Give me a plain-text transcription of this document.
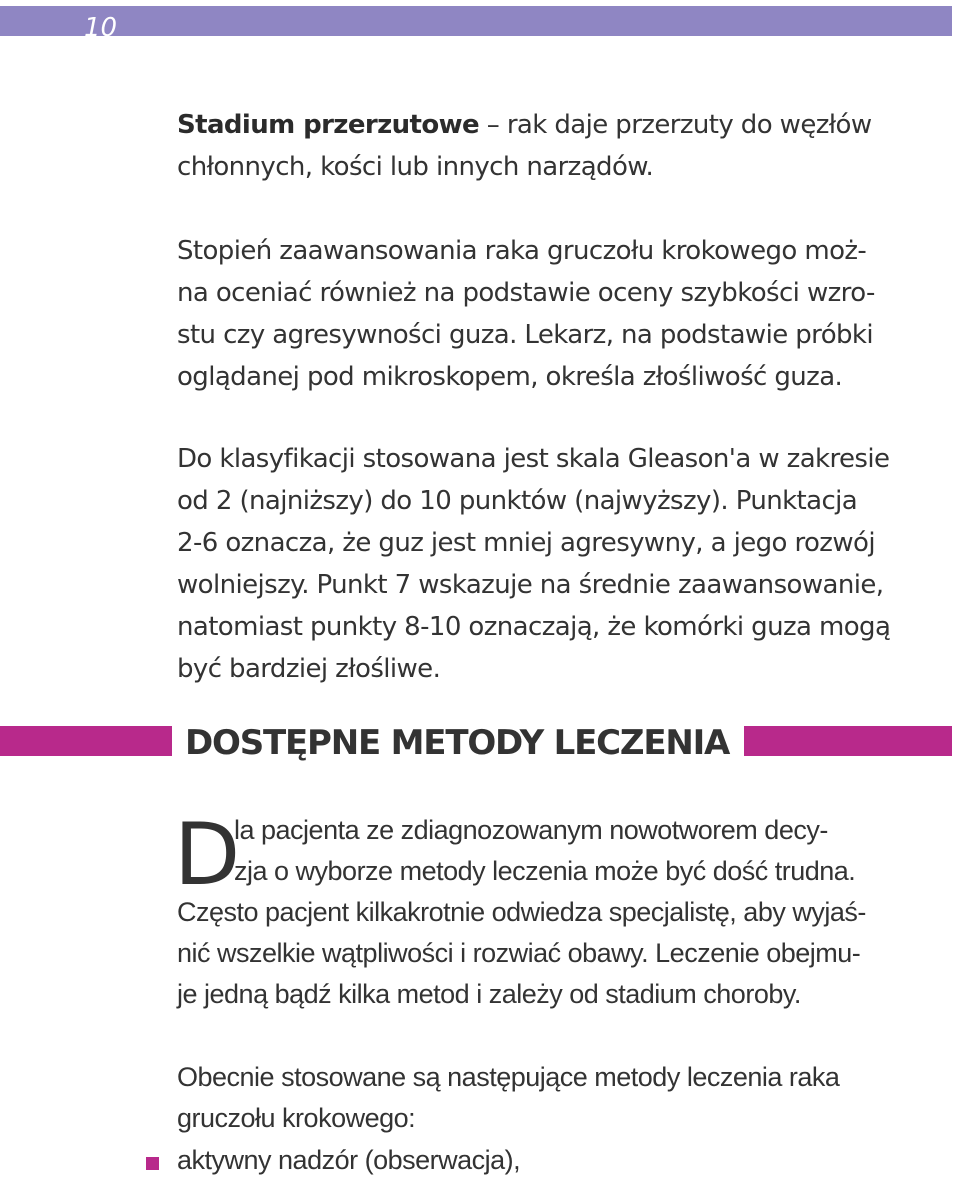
10
Stadium przerzutowe – rak daje przerzuty do węzłów
chłonnych, kości lub innych narządów.
Stopień zaawansowania raka gruczołu krokowego moż-
na oceniać również na podstawie oceny szybkości wzro-
stu czy agresywności guza. Lekarz, na podstawie próbki
oglądanej pod mikroskopem, określa złośliwość guza.
Do klasyfikacji stosowana jest skala Gleason'a w zakresie
od 2 (najniższy) do 10 punktów (najwyższy). Punktacja
2-6 oznacza, że guz jest mniej agresywny, a jego rozwój
wolniejszy. Punkt 7 wskazuje na średnie zaawansowanie,
natomiast punkty 8-10 oznaczają, że komórki guza mogą
być bardziej złośliwe.
DOSTĘPNE METODY LECZENIA
D
la pacjenta ze zdiagnozowanym nowotworem decy-
zja o wyborze metody leczenia może być dość trudna.
Często pacjent kilkakrotnie odwiedza specjalistę, aby wyjaś-
nić wszelkie wątpliwości i rozwiać obawy. Leczenie obejmu-
je jedną bądź kilka metod i zależy od stadium choroby.
Obecnie stosowane są następujące metody leczenia raka
gruczołu krokowego:
aktywny nadzór (obserwacja),
